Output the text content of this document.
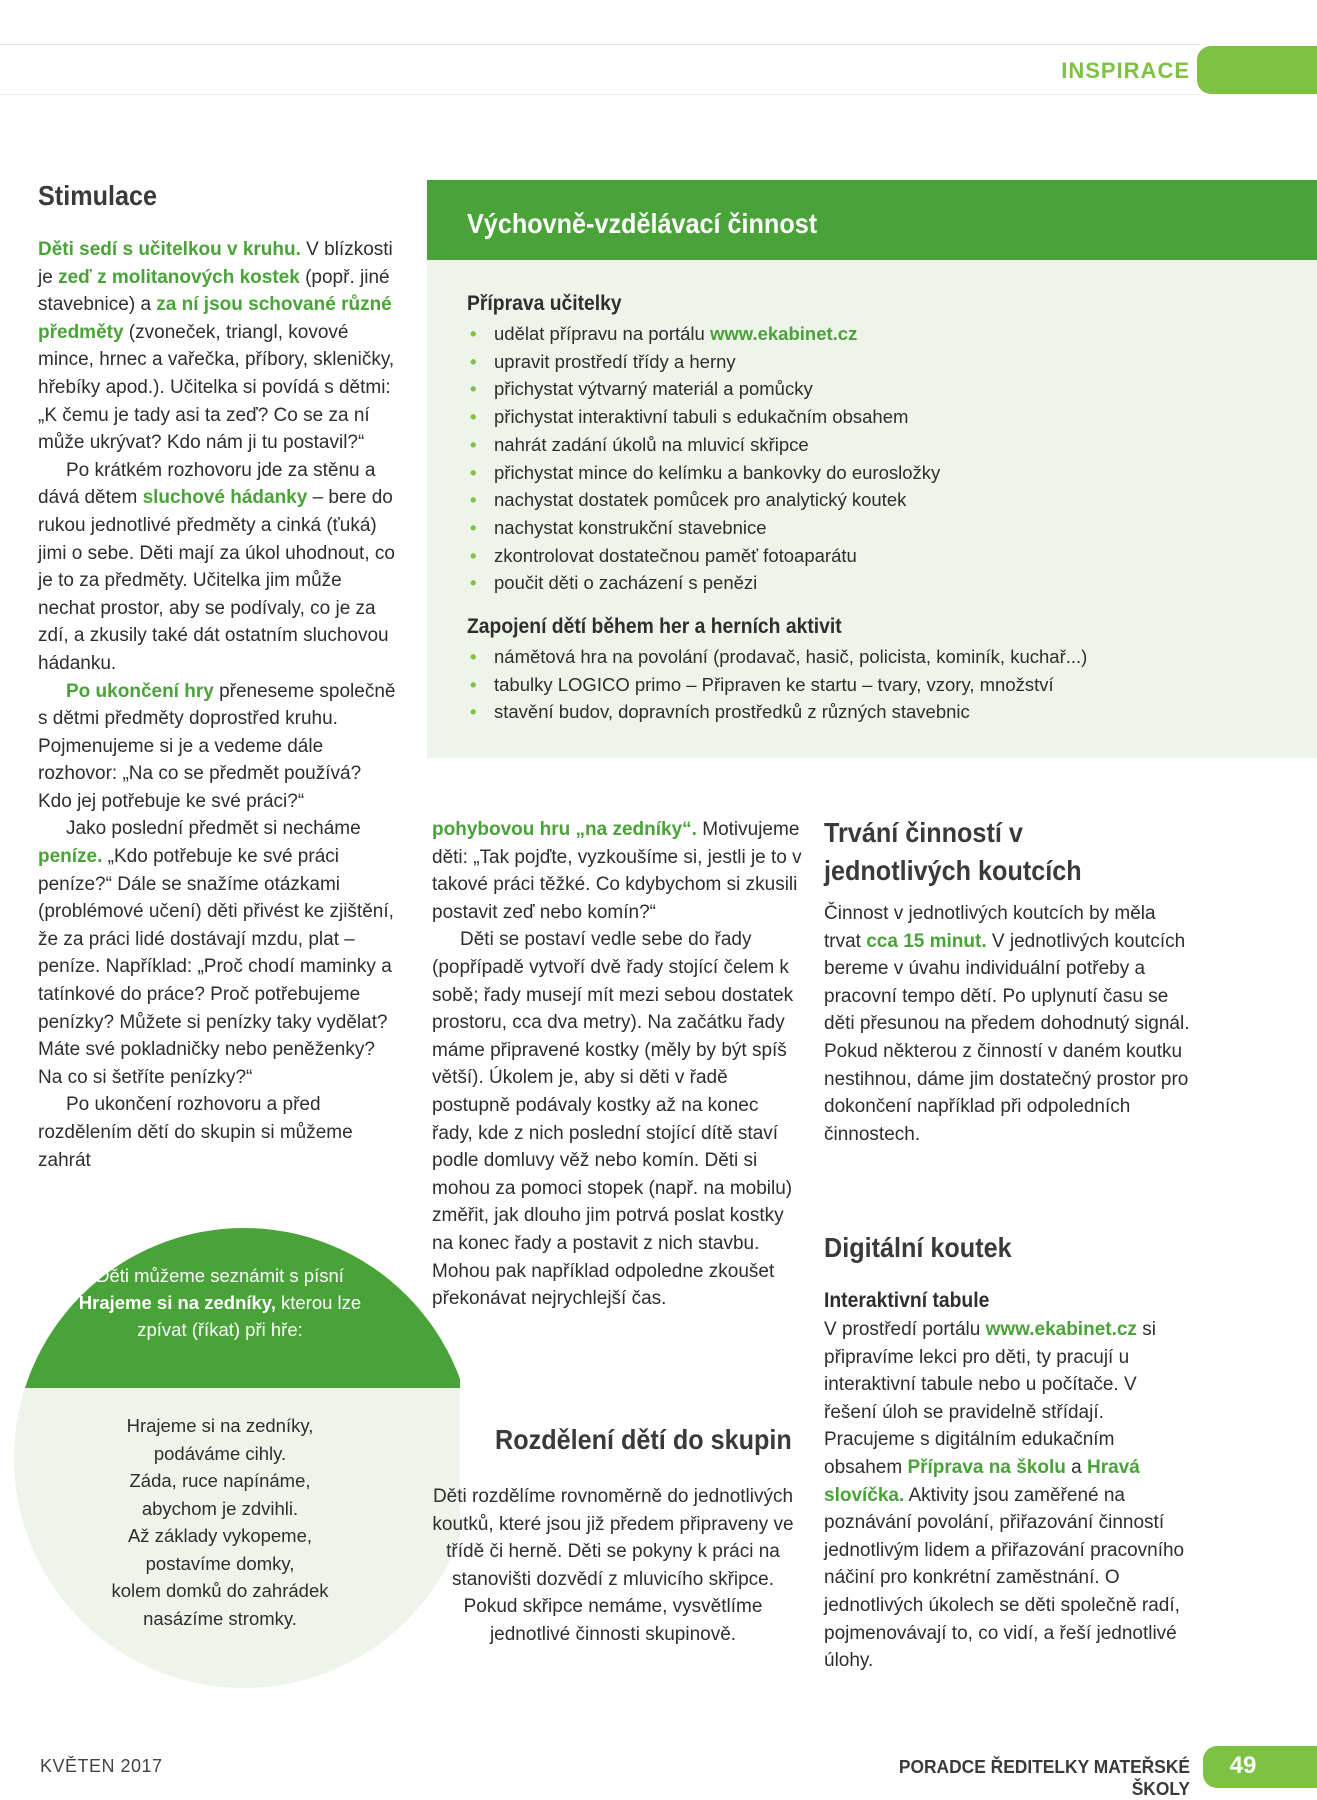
INSPIRACE
Stimulace

Děti sedí s učitelkou v kruhu. V blízkosti je zeď z molitanových kostek (popř. jiné stavebnice) a za ní jsou schované různé předměty (zvoneček, triangl, kovové mince, hrnec a vařečka, příbory, skleničky, hřebíky apod.). Učitelka si povídá s dětmi: „K čemu je tady asi ta zeď? Co se za ní může ukrývat? Kdo nám ji tu postavil?“

Po krátkém rozhovoru jde za stěnu a dává dětem sluchové hádanky – bere do rukou jednotlivé předměty a cinká (ťuká) jimi o sebe. Děti mají za úkol uhodnout, co je to za předměty. Učitelka jim může nechat prostor, aby se podívaly, co je za zdí, a zkusily také dát ostatním sluchovou hádanku.

Po ukončení hry přeneseme společně s dětmi předměty doprostřed kruhu. Pojmenujeme si je a vedeme dále rozhovor: „Na co se předmět používá? Kdo jej potřebuje ke své práci?“

Jako poslední předmět si necháme peníze. „Kdo potřebuje ke své práci peníze?“ Dále se snažíme otázkami (problémové učení) děti přivést ke zjištění, že za práci lidé dostávají mzdu, plat – peníze. Například: „Proč chodí maminky a tatínkové do práce? Proč potřebujeme penízky? Můžete si penízky taky vydělat? Máte své pokladničky nebo peněženky? Na co si šetříte penízky?“

Po ukončení rozhovoru a před rozdělením dětí do skupin si můžeme zahrát

Děti můžeme seznámit s písní Hrajeme si na zedníky, kterou lze zpívat (říkat) při hře:
Hrajeme si na zedníky,
podáváme cihly.
Záda, ruce napínáme,
abychom je zdvihli.
Až základy vykopeme,
postavíme domky,
kolem domků do zahrádek
nasázíme stromky.
Výchovně-vzdělávací činnost
Příprava učitelky
• udělat přípravu na portálu www.ekabinet.cz
• upravit prostředí třídy a herny
• přichystat výtvarný materiál a pomůcky
• přichystat interaktivní tabuli s edukačním obsahem
• nahrát zadání úkolů na mluvicí skřipce
• přichystat mince do kelímku a bankovky do eurosložky
• nachystat dostatek pomůcek pro analytický koutek
• nachystat konstrukční stavebnice
• zkontrolovat dostatečnou paměť fotoaparátu
• poučit děti o zacházení s penězi
Zapojení dětí během her a herních aktivit
• námětová hra na povolání (prodavač, hasič, policista, kominík, kuchař...)
• tabulky LOGICO primo – Připraven ke startu – tvary, vzory, množství
• stavění budov, dopravních prostředků z různých stavebnic

pohybovou hru „na zedníky“. Motivujeme děti: „Tak pojďte, vyzkoušíme si, jestli je to v takové práci těžké. Co kdybychom si zkusili postavit zeď nebo komín?“

Děti se postaví vedle sebe do řady (popřípadě vytvoří dvě řady stojící čelem k sobě; řady musejí mít mezi sebou dostatek prostoru, cca dva metry). Na začátku řady máme připravené kostky (měly by být spíš větší). Úkolem je, aby si děti v řadě postupně podávaly kostky až na konec řady, kde z nich poslední stojící dítě staví podle domluvy věž nebo komín. Děti si mohou za pomoci stopek (např. na mobilu) změřit, jak dlouho jim potrvá poslat kostky na konec řady a postavit z nich stavbu. Mohou pak například odpoledne zkoušet překonávat nejrychlejší čas.

Rozdělení dětí do skupin

Děti rozdělíme rovnoměrně do jednotlivých koutků, které jsou již předem připraveny ve třídě či herně. Děti se pokyny k práci na stanovišti dozvědí z mluvicího skřipce. Pokud skřipce nemáme, vysvětlíme jednotlivé činnosti skupinově.

Trvání činností v jednotlivých koutcích

Činnost v jednotlivých koutcích by měla trvat cca 15 minut. V jednotlivých koutcích bereme v úvahu individuální potřeby a pracovní tempo dětí. Po uplynutí času se děti přesunou na předem dohodnutý signál. Pokud některou z činností v daném koutku nestihnou, dáme jim dostatečný prostor pro dokončení například při odpoledních činnostech.

Digitální koutek
Interaktivní tabule

V prostředí portálu www.ekabinet.cz si připravíme lekci pro děti, ty pracují u interaktivní tabule nebo u počítače. V řešení úloh se pravidelně střídají. Pracujeme s digitálním edukačním obsahem Příprava na školu a Hravá slovíčka. Aktivity jsou zaměřené na poznávání povolání, přiřazování činností jednotlivým lidem a přiřazování pracovního náčiní pro konkrétní zaměstnání. O jednotlivých úkolech se děti společně radí, pojmenovávají to, co vidí, a řeší jednotlivé úlohy.

KVĚTEN 2017	PORADCE ŘEDITELKY MATEŘSKÉ ŠKOLY
49
